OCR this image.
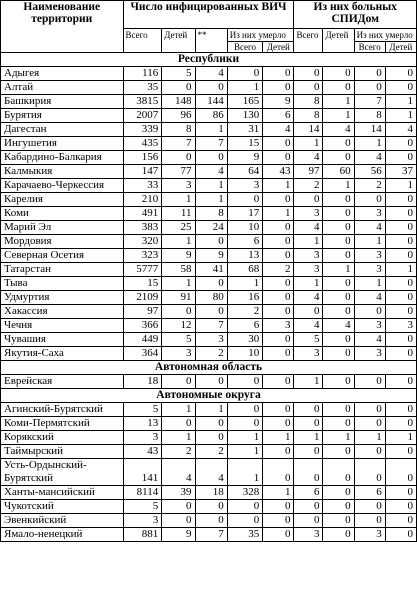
Наименование территории	Число инфицированных ВИЧ					Из них больных СПИДом			
	Всего	Детей	**	Из них умерло		Всего	Детей	Из них умерло	
				Всего	Детей			Всего	Детей
Республики									
Адыгея	116	5	4	0	0	0	0	0	0
Алтай	35	0	0	1	0	0	0	0	0
Башкирия	3815	148	144	165	9	8	1	7	1
Бурятия	2007	96	86	130	6	8	1	8	1
Дагестан	339	8	1	31	4	14	4	14	4
Ингушетия	435	7	7	15	0	1	0	1	0
Кабардино-Балкария	156	0	0	9	0	4	0	4	0
Калмыкия	147	77	4	64	43	97	60	56	37
Карачаево-Черкессия	33	3	1	3	1	2	1	2	1
Карелия	210	1	1	0	0	0	0	0	0
Коми	491	11	8	17	1	3	0	3	0
Марий Эл	383	25	24	10	0	4	0	4	0
Мордовия	320	1	0	6	0	1	0	1	0
Северная Осетия	323	9	9	13	0	3	0	3	0
Татарстан	5777	58	41	68	2	3	1	3	1
Тыва	15	1	0	1	0	1	0	1	0
Удмуртия	2109	91	80	16	0	4	0	4	0
Хакассия	97	0	0	2	0	0	0	0	0
Чечня	366	12	7	6	3	4	4	3	3
Чувашия	449	5	3	30	0	5	0	4	0
Якутия-Саха	364	3	2	10	0	3	0	3	0
Автономная область									
Еврейская	18	0	0	0	0	1	0	0	0
Автономные округа									
Агинский-Бурятский	5	1	1	0	0	0	0	0	0
Коми-Пермятский	13	0	0	0	0	0	0	0	0
Корякский	3	1	0	1	1	1	1	1	1
Таймырский	43	2	2	1	0	0	0	0	0
Усть-Ордынский-Бурятский	141	4	4	1	0	0	0	0	0
Ханты-мансийский	8114	39	18	328	1	6	0	6	0
Чукотский	5	0	0	0	0	0	0	0	0
Эвенкийский	3	0	0	0	0	0	0	0	0
Ямало-ненецкий	881	9	7	35	0	3	0	3	0
